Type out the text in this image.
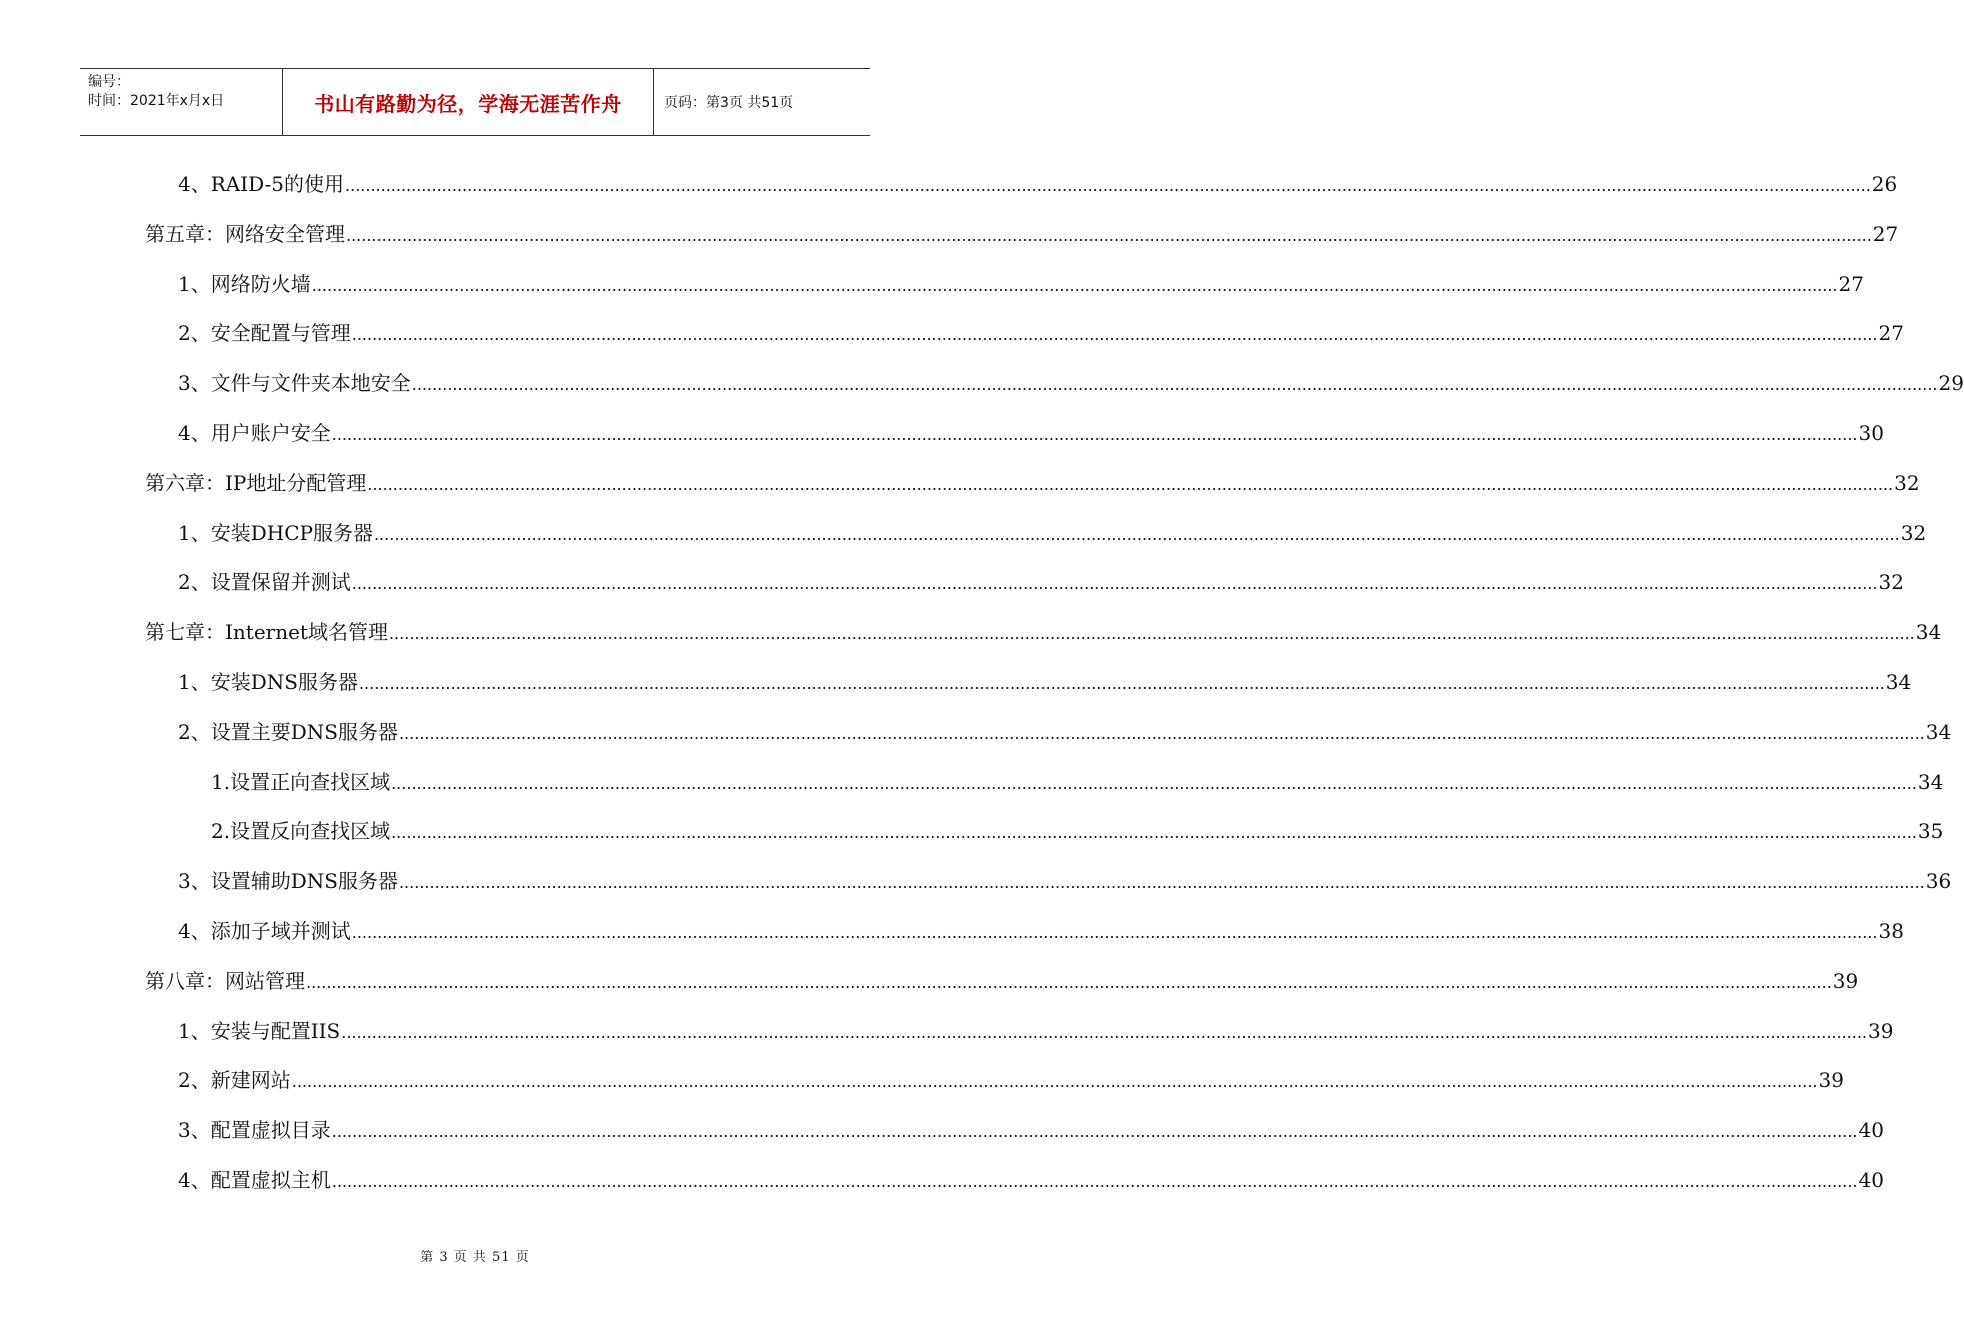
编号：
时间：2021年x月x日	书山有路勤为径，学海无涯苦作舟	页码：第3页 共51页
4、RAID-5的使用 ............................................................................................................................................................................................................................................................................................................ 26
第五章：网络安全管理 ............................................................................................................................................................................................................................................................................................................ 27
1、网络防火墙 ............................................................................................................................................................................................................................................................................................................ 27
2、安全配置与管理 ............................................................................................................................................................................................................................................................................................................ 27
3、文件与文件夹本地安全 ............................................................................................................................................................................................................................................................................................................ 29
4、用户账户安全 ............................................................................................................................................................................................................................................................................................................ 30
第六章：IP地址分配管理 ............................................................................................................................................................................................................................................................................................................ 32
1、安装DHCP服务器 ............................................................................................................................................................................................................................................................................................................ 32
2、设置保留并测试 ............................................................................................................................................................................................................................................................................................................ 32
第七章：Internet域名管理 ............................................................................................................................................................................................................................................................................................................ 34
1、安装DNS服务器 ............................................................................................................................................................................................................................................................................................................ 34
2、设置主要DNS服务器 ............................................................................................................................................................................................................................................................................................................ 34
1.设置正向查找区域 ............................................................................................................................................................................................................................................................................................................ 34
2.设置反向查找区域 ............................................................................................................................................................................................................................................................................................................ 35
3、设置辅助DNS服务器 ............................................................................................................................................................................................................................................................................................................ 36
4、添加子域并测试 ............................................................................................................................................................................................................................................................................................................ 38
第八章：网站管理 ............................................................................................................................................................................................................................................................................................................ 39
1、安装与配置IIS ............................................................................................................................................................................................................................................................................................................ 39
2、新建网站 ............................................................................................................................................................................................................................................................................................................ 39
3、配置虚拟目录 ............................................................................................................................................................................................................................................................................................................ 40
4、配置虚拟主机 ............................................................................................................................................................................................................................................................................................................ 40
第 3 页 共 51 页
